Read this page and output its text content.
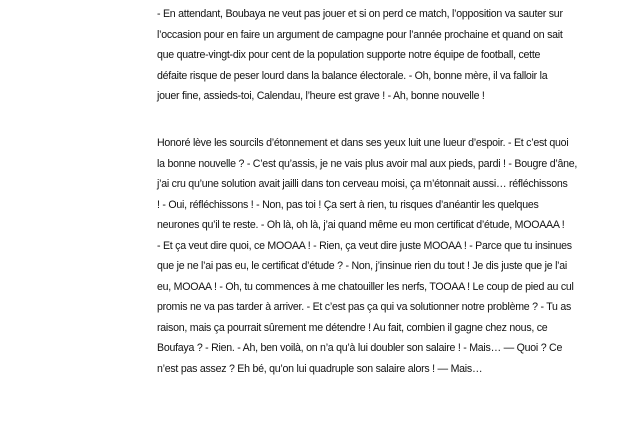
- En attendant, Boubaya ne veut pas jouer et si on perd ce match, l’opposition va sauter sur
l’occasion pour en faire un argument de campagne pour l’année prochaine et quand on sait
que quatre-vingt-dix pour cent de la population supporte notre équipe de football, cette
défaite risque de peser lourd dans la balance électorale. - Oh, bonne mère, il va falloir la
jouer fine, assieds-toi, Calendau, l’heure est grave ! - Ah, bonne nouvelle !
Honoré lève les sourcils d’étonnement et dans ses yeux luit une lueur d’espoir. - Et c’est quoi
la bonne nouvelle ? - C’est qu’assis, je ne vais plus avoir mal aux pieds, pardi ! - Bougre d’âne,
j’ai cru qu’une solution avait jailli dans ton cerveau moisi, ça m’étonnait aussi… réfléchissons
! - Oui, réfléchissons ! - Non, pas toi ! Ça sert à rien, tu risques d’anéantir les quelques
neurones qu’il te reste. - Oh là, oh là, j’ai quand même eu mon certificat d’étude, MOOAAA !
- Et ça veut dire quoi, ce MOOAA ! - Rien, ça veut dire juste MOOAA ! - Parce que tu insinues
que je ne l’ai pas eu, le certificat d’étude ? - Non, j’insinue rien du tout ! Je dis juste que je l’ai
eu, MOOAA ! - Oh, tu commences à me chatouiller les nerfs, TOOAA ! Le coup de pied au cul
promis ne va pas tarder à arriver. - Et c’est pas ça qui va solutionner notre problème ? - Tu as
raison, mais ça pourrait sûrement me détendre ! Au fait, combien il gagne chez nous, ce
Boufaya ? - Rien. - Ah, ben voilà, on n’a qu’à lui doubler son salaire ! - Mais… — Quoi ? Ce
n’est pas assez ? Eh bé, qu’on lui quadruple son salaire alors ! — Mais…
